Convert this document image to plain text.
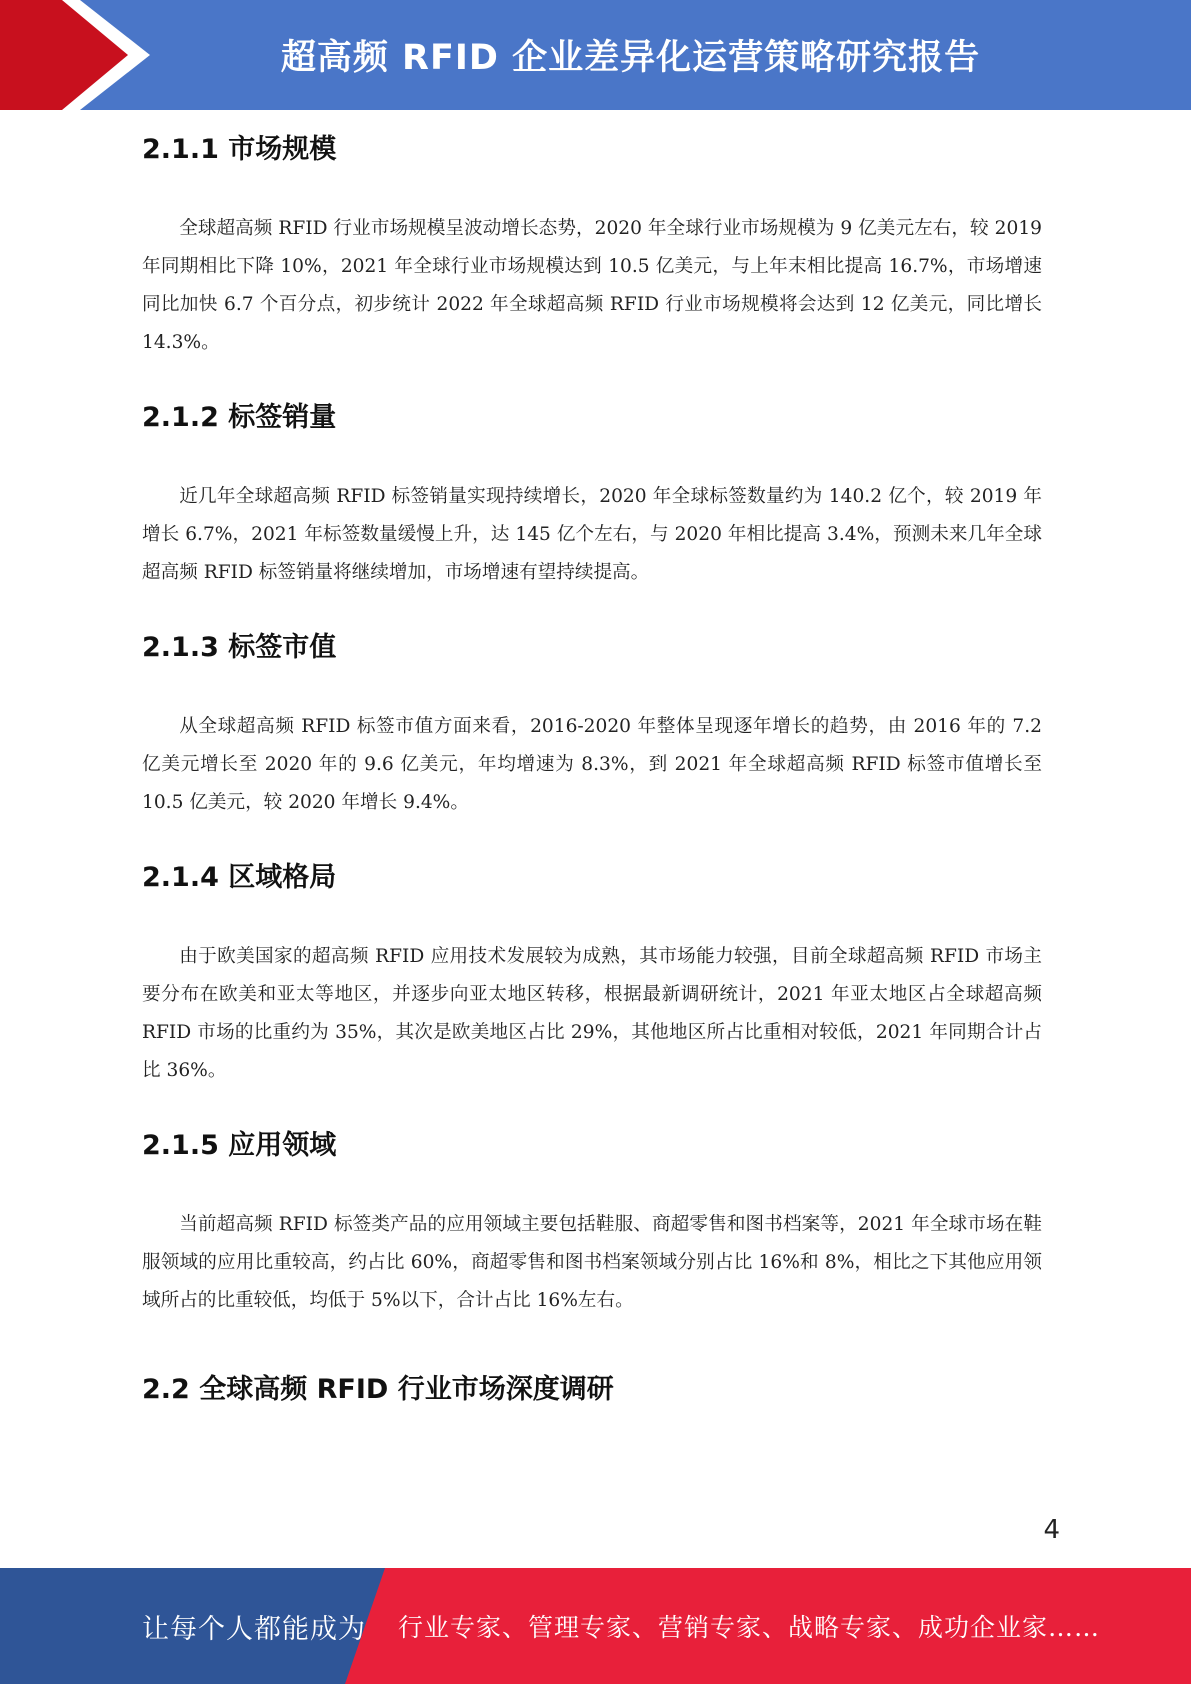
超高频 RFID 企业差异化运营策略研究报告
2.1.1 市场规模

全球超高频 RFID 行业市场规模呈波动增长态势，2020 年全球行业市场规模为 9 亿美元左右，较 2019 年同期相比下降 10%，2021 年全球行业市场规模达到 10.5 亿美元，与上年末相比提高 16.7%，市场增速同比加快 6.7 个百分点，初步统计 2022 年全球超高频 RFID 行业市场规模将会达到 12 亿美元，同比增长 14.3%。

2.1.2 标签销量

近几年全球超高频 RFID 标签销量实现持续增长，2020 年全球标签数量约为 140.2 亿个，较 2019 年增长 6.7%，2021 年标签数量缓慢上升，达 145 亿个左右，与 2020 年相比提高 3.4%，预测未来几年全球超高频 RFID 标签销量将继续增加，市场增速有望持续提高。

2.1.3 标签市值

从全球超高频 RFID 标签市值方面来看，2016-2020 年整体呈现逐年增长的趋势，由 2016 年的 7.2 亿美元增长至 2020 年的 9.6 亿美元，年均增速为 8.3%，到 2021 年全球超高频 RFID 标签市值增长至 10.5 亿美元，较 2020 年增长 9.4%。

2.1.4 区域格局

由于欧美国家的超高频 RFID 应用技术发展较为成熟，其市场能力较强，目前全球超高频 RFID 市场主要分布在欧美和亚太等地区，并逐步向亚太地区转移，根据最新调研统计，2021 年亚太地区占全球超高频 RFID 市场的比重约为 35%，其次是欧美地区占比 29%，其他地区所占比重相对较低，2021 年同期合计占比 36%。

2.1.5 应用领域

当前超高频 RFID 标签类产品的应用领域主要包括鞋服、商超零售和图书档案等，2021 年全球市场在鞋服领域的应用比重较高，约占比 60%，商超零售和图书档案领域分别占比 16%和 8%，相比之下其他应用领域所占的比重较低，均低于 5%以下，合计占比 16%左右。

2.2 全球高频 RFID 行业市场深度调研
4
让每个人都能成为 行业专家、管理专家、营销专家、战略专家、成功企业家……
